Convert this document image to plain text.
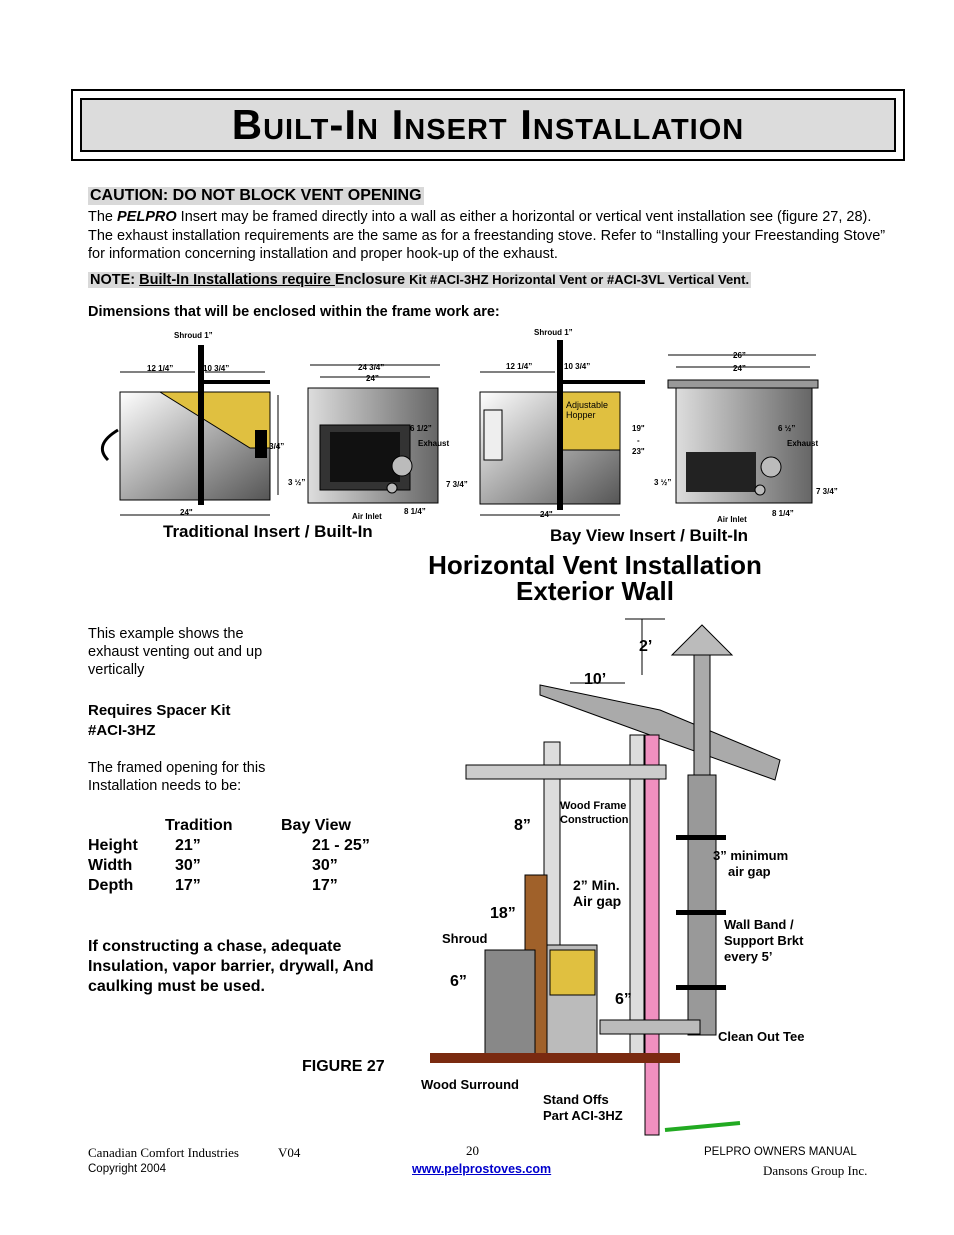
Built-In Insert Installation
CAUTION: DO NOT BLOCK VENT OPENING
The PELPRO Insert may be framed directly into a wall as either a horizontal or vertical vent installation see (figure 27, 28). The exhaust installation requirements are the same as for a freestanding stove. Refer to “Installing your Freestanding Stove” for information concerning installation and proper hook-up of the exhaust.
NOTE: Built-In Installations require Enclosure Kit #ACI-3HZ Horizontal Vent or #ACI-3VL Vertical Vent.
Dimensions that will be enclosed within the frame work are:
Shroud 1”
12 1/4”	10 3/4”
24"
18 3/4”
24 3/4”
24”
6 1/2”
Exhaust
3 ½”	7 3/4”
Air Inlet
8 1/4”
Traditional Insert / Built-In
Shroud 1”
12 1/4”	10 3/4”
Adjustable
Hopper
19"
-
23"
24"
26”
24”
6 ½”
Exhaust
3 ½”
7 3/4”
Air Inlet
8 1/4”
Bay View Insert / Built-In
Horizontal Vent Installation
Exterior Wall
This example shows the exhaust venting out and up vertically
Requires Spacer Kit
#ACI-3HZ
The framed opening for this Installation needs to be:
Tradition	Bay View
Height 21”	21 - 25”
Width	30”	30”
Depth	17”	17”
If constructing a chase, adequate Insulation, vapor barrier, drywall, And caulking must be used.
FIGURE 27
2’
10’
Wood Frame
Construction
8”
2” Min.
Air gap
18”
Shroud
6”
6”
3” minimum
air gap
Wall Band /
Support Brkt
every 5’
Clean Out Tee
Wood Surround
Stand Offs
Part ACI-3HZ
Canadian Comfort Industries	V04	20	PELPRO OWNERS MANUAL
Copyright 2004	www.pelprostoves.com	Dansons Group Inc.
